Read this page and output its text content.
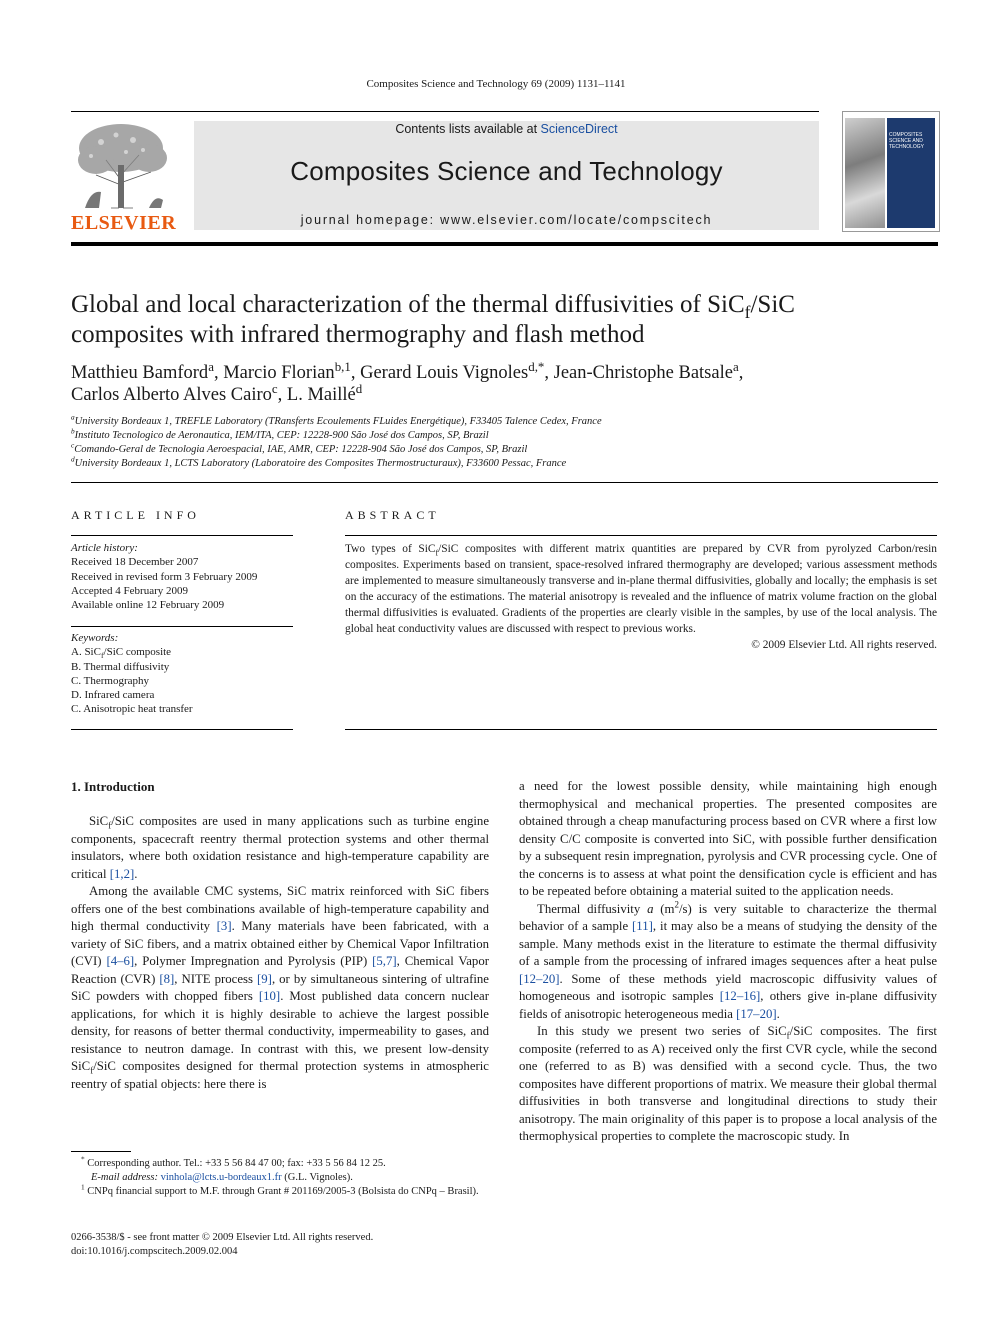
Composites Science and Technology 69 (2009) 1131–1141
ELSEVIER
Contents lists available at ScienceDirect
Composites Science and Technology
journal homepage: www.elsevier.com/locate/compscitech
COMPOSITES
SCIENCE AND
TECHNOLOGY
Global and local characterization of the thermal diffusivities of SiC$_f$/SiC
composites with infrared thermography and flash method
Matthieu Bamford$^a$, Marcio Florian$^{b,1}$, Gerard Louis Vignoles$^{d,*}$, Jean-Christophe Batsale$^a$,
Carlos Alberto Alves Cairo$^c$, L. Maillé$^d$
$^a$University Bordeaux 1, TREFLE Laboratory (TRansferts Ecoulements FLuides Energétique), F33405 Talence Cedex, France
$^b$Instituto Tecnologico de Aeronautica, IEM/ITA, CEP: 12228-900 São José dos Campos, SP, Brazil
$^c$Comando-Geral de Tecnologia Aeroespacial, IAE, AMR, CEP: 12228-904 São José dos Campos, SP, Brazil
$^d$University Bordeaux 1, LCTS Laboratory (Laboratoire des Composites Thermostructuraux), F33600 Pessac, France
ARTICLE INFO
Article history:
Received 18 December 2007
Received in revised form 3 February 2009
Accepted 4 February 2009
Available online 12 February 2009
Keywords:
A. SiC$_f$/SiC composite
B. Thermal diffusivity
C. Thermography
D. Infrared camera
C. Anisotropic heat transfer
ABSTRACT
Two types of SiC$_f$/SiC composites with different matrix quantities are prepared by CVR from pyrolyzed Carbon/resin composites. Experiments based on transient, space-resolved infrared thermography are developed; various assessment methods are implemented to measure simultaneously transverse and in-plane thermal diffusivities, globally and locally; the emphasis is set on the accuracy of the estimations. The material anisotropy is revealed and the influence of matrix volume fraction on the global thermal diffusivities is evaluated. Gradients of the properties are clearly visible in the samples, by use of the local analysis. The global heat conductivity values are discussed with respect to previous works.
© 2009 Elsevier Ltd. All rights reserved.
1. Introduction

SiC$_f$/SiC composites are used in many applications such as turbine engine components, spacecraft reentry thermal protection systems and other thermal insulators, where both oxidation resistance and high-temperature capability are critical [1,2].

Among the available CMC systems, SiC matrix reinforced with SiC fibers offers one of the best combinations available of high-temperature capability and high thermal conductivity [3]. Many materials have been fabricated, with a variety of SiC fibers, and a matrix obtained either by Chemical Vapor Infiltration (CVI) [4–6], Polymer Impregnation and Pyrolysis (PIP) [5,7], Chemical Vapor Reaction (CVR) [8], NITE process [9], or by simultaneous sintering of ultrafine SiC powders with chopped fibers [10]. Most published data concern nuclear applications, for which it is highly desirable to achieve the largest possible density, for reasons of better thermal conductivity, impermeability to gases, and resistance to neutron damage. In contrast with this, we present low-density SiC$_f$/SiC composites designed for thermal protection systems in atmospheric reentry of spatial objects: here there is

* Corresponding author. Tel.: +33 5 56 84 47 00; fax: +33 5 56 84 12 25.
E-mail address: vinhola@lcts.u-bordeaux1.fr (G.L. Vignoles).
$^1$ CNPq financial support to M.F. through Grant # 201169/2005-3 (Bolsista do CNPq – Brasil).
0266-3538/$ - see front matter © 2009 Elsevier Ltd. All rights reserved.
doi:10.1016/j.compscitech.2009.02.004

a need for the lowest possible density, while maintaining high enough thermophysical and mechanical properties. The presented composites are obtained through a cheap manufacturing process based on CVR where a first low density C/C composite is converted into SiC, with possible further densification by a subsequent resin impregnation, pyrolysis and CVR processing cycle. One of the concerns is to assess at what point the densification cycle is efficient and has to be repeated before obtaining a material suited to the application needs.

Thermal diffusivity a $(m^2/s)$ is very suitable to characterize the thermal behavior of a sample [11], it may also be a means of studying the density of the sample. Many methods exist in the literature to estimate the thermal diffusivity of a sample from the processing of infrared images sequences after a heat pulse [12–20]. Some of these methods yield macroscopic diffusivity values of homogeneous and isotropic samples [12–16], others give in-plane diffusivity fields of anisotropic heterogeneous media [17–20].

In this study we present two series of SiC$_f$/SiC composites. The first composite (referred to as A) received only the first CVR cycle, while the second one (referred to as B) was densified with a second cycle. Thus, the two composites have different proportions of matrix. We measure their global thermal diffusivities in both transverse and longitudinal directions to study their anisotropy. The main originality of this paper is to propose a local analysis of the thermophysical properties to complete the macroscopic study. In
